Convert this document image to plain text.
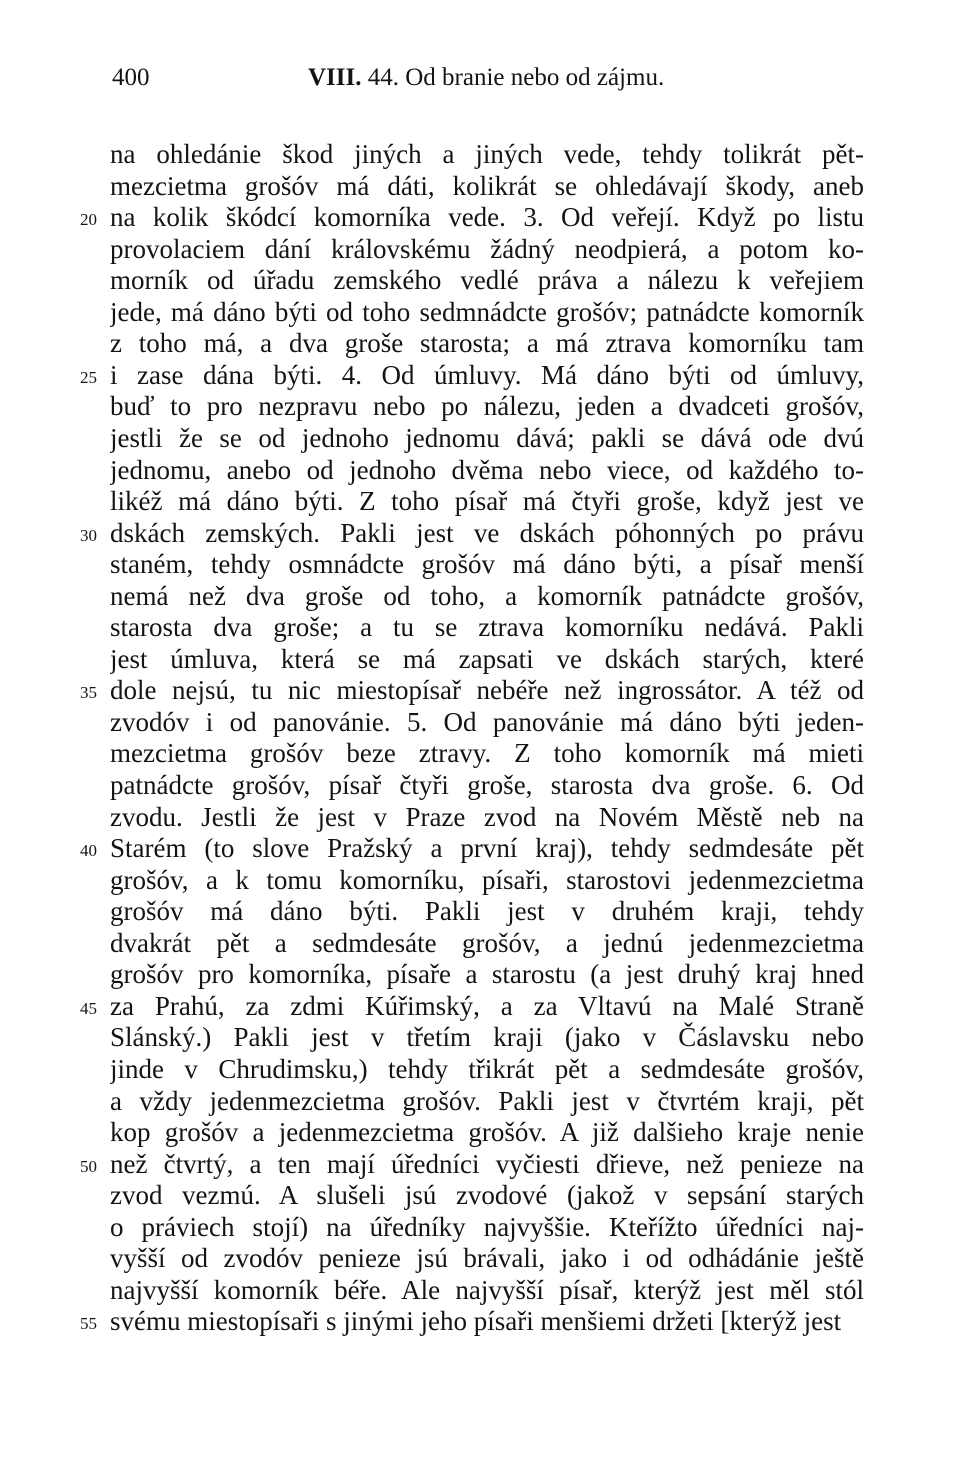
400	VIII. 44. Od branie nebo od zájmu.
na ohledánie škod jiných a jiných vede, tehdy tolikrát pět-
mezcietma grošóv má dáti, kolikrát se ohledávají škody, aneb
na kolik škódcí komorníka vede. 3. Od veřejí. Když po listu
provolaciem dání královskému žádný neodpierá, a potom ko-
morník od úřadu zemského vedlé práva a nálezu k veřejiem
jede, má dáno býti od toho sedmnádcte grošóv; patnádcte komorník
z toho má, a dva groše starosta; a má ztrava komorníku tam
i zase dána býti. 4. Od úmluvy. Má dáno býti od úmluvy,
buď to pro nezpravu nebo po nálezu, jeden a dvadceti grošóv,
jestli že se od jednoho jednomu dává; pakli se dává ode dvú
jednomu, anebo od jednoho dvěma nebo viece, od každého to-
likéž má dáno býti. Z toho písař má čtyři groše, když jest ve
dskách zemských. Pakli jest ve dskách póhonných po právu
staném, tehdy osmnádcte grošóv má dáno býti, a písař menší
nemá než dva groše od toho, a komorník patnádcte grošóv,
starosta dva groše; a tu se ztrava komorníku nedává. Pakli
jest úmluva, která se má zapsati ve dskách starých, které
dole nejsú, tu nic miestopísař nebéře než ingrossátor. A též od
zvodóv i od panovánie. 5. Od panovánie má dáno býti jeden-
mezcietma grošóv beze ztravy. Z toho komorník má mieti
patnádcte grošóv, písař čtyři groše, starosta dva groše. 6. Od
zvodu. Jestli že jest v Praze zvod na Novém Městě neb na
Starém (to slove Pražský a první kraj), tehdy sedmdesáte pět
grošóv, a k tomu komorníku, písaři, starostovi jedenmezcietma
grošóv má dáno býti. Pakli jest v druhém kraji, tehdy
dvakrát pět a sedmdesáte grošóv, a jednú jedenmezcietma
grošóv pro komorníka, písaře a starostu (a jest druhý kraj hned
za Prahú, za zdmi Kúřimský, a za Vltavú na Malé Straně
Slánský.) Pakli jest v třetím kraji (jako v Čáslavsku nebo
jinde v Chrudimsku,) tehdy třikrát pět a sedmdesáte grošóv,
a vždy jedenmezcietma grošóv. Pakli jest v čtvrtém kraji, pět
kop grošóv a jedenmezcietma grošóv. A již dalšieho kraje nenie
než čtvrtý, a ten mají úředníci vyčiesti dřieve, než penieze na
zvod vezmú. A slušeli jsú zvodové (jakož v sepsání starých
o práviech stojí) na úředníky najvyššie. Kteřížto úředníci naj-
vyšší od zvodóv penieze jsú brávali, jako i od odhádánie ještě
najvyšší komorník béře. Ale najvyšší písař, kterýž jest měl stól
svému miestopísaři s jinými jeho písaři menšiemi držeti [kterýž jest
20
25
30
35
40
45
50
55
